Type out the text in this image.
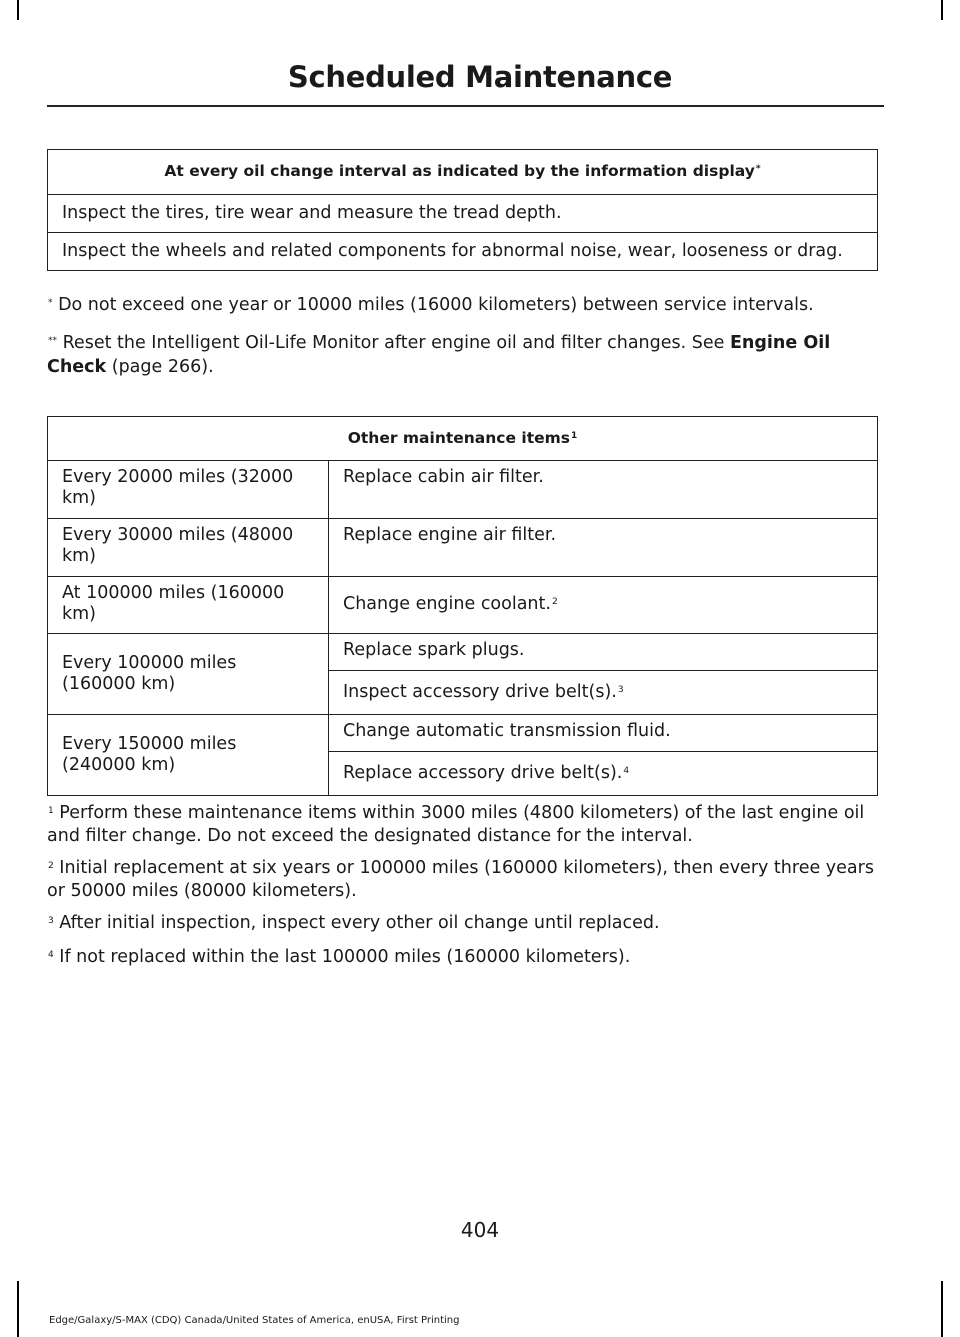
Scheduled Maintenance
At every oil change interval as indicated by the information display*
Inspect the tires, tire wear and measure the tread depth.
Inspect the wheels and related components for abnormal noise, wear, looseness or drag.
* Do not exceed one year or 10000 miles (16000 kilometers) between service intervals.
** Reset the Intelligent Oil-Life Monitor after engine oil and filter changes. See Engine Oil Check (page 266).
Other maintenance items$^1$
Every 20000 miles (32000 km)	Replace cabin air filter.
Every 30000 miles (48000 km)	Replace engine air filter.
At 100000 miles (160000 km)	Change engine coolant.$^2$
Every 100000 miles (160000 km)	Replace spark plugs.
	Inspect accessory drive belt(s).$^3$
Every 150000 miles (240000 km)	Change automatic transmission fluid.
	Replace accessory drive belt(s).$^4$
$^1$ Perform these maintenance items within 3000 miles (4800 kilometers) of the last engine oil and filter change. Do not exceed the designated distance for the interval.
$^2$ Initial replacement at six years or 100000 miles (160000 kilometers), then every three years or 50000 miles (80000 kilometers).
$^3$ After initial inspection, inspect every other oil change until replaced.
$^4$ If not replaced within the last 100000 miles (160000 kilometers).
404
Edge/Galaxy/S-MAX (CDQ) Canada/United States of America, enUSA, First Printing
